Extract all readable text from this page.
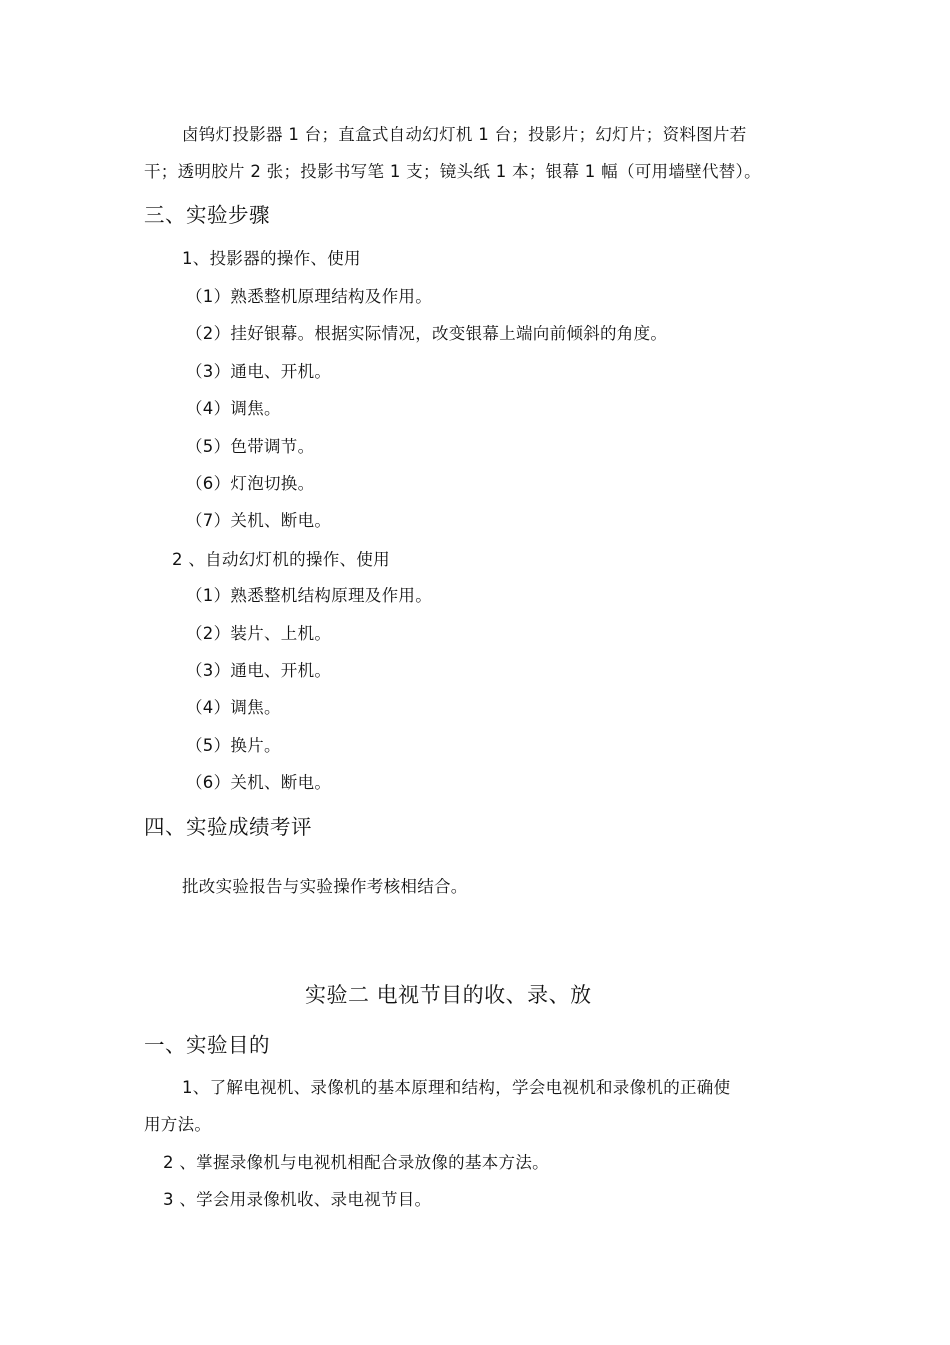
卤钨灯投影器 1 台；直盒式自动幻灯机 1 台；投影片；幻灯片；资料图片若
干；透明胶片 2 张；投影书写笔 1 支；镜头纸 1 本；银幕 1 幅（可用墙壁代替）。
三、实验步骤
1、投影器的操作、使用
（1）熟悉整机原理结构及作用。
（2）挂好银幕。根据实际情况，改变银幕上端向前倾斜的角度。
（3）通电、开机。
（4）调焦。
（5）色带调节。
（6）灯泡切换。
（7）关机、断电。
2 、自动幻灯机的操作、使用
（1）熟悉整机结构原理及作用。
（2）装片、上机。
（3）通电、开机。
（4）调焦。
（5）换片。
（6）关机、断电。
四、实验成绩考评
批改实验报告与实验操作考核相结合。
实验二 电视节目的收、录、放
一、实验目的
1、了解电视机、录像机的基本原理和结构，学会电视机和录像机的正确使
用方法。
2 、掌握录像机与电视机相配合录放像的基本方法。
3 、学会用录像机收、录电视节目。
